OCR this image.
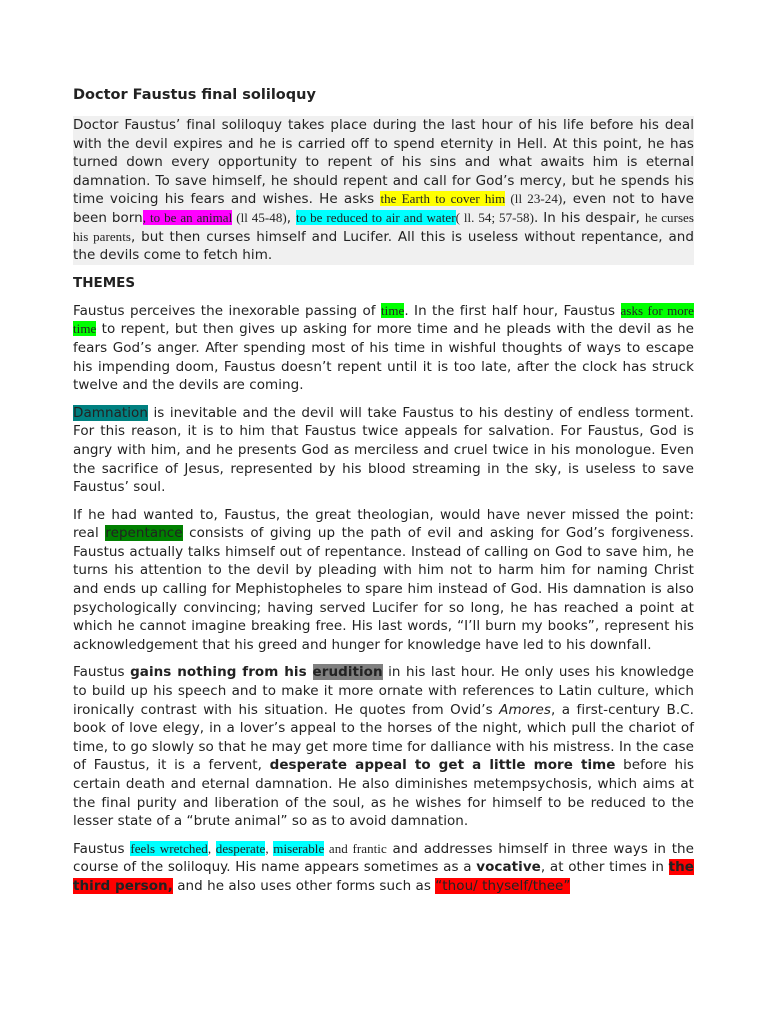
Doctor Faustus final soliloquy

Doctor Faustus’ final soliloquy takes place during the last hour of his life before his deal with the devil expires and he is carried off to spend eternity in Hell. At this point, he has turned down every opportunity to repent of his sins and what awaits him is eternal damnation. To save himself, he should repent and call for God’s mercy, but he spends his time voicing his fears and wishes. He asks the Earth to cover him (ll 23-24), even not to have been born, to be an animal (ll 45-48), to be reduced to air and water( ll. 54; 57-58). In his despair, he curses his parents, but then curses himself and Lucifer. All this is useless without repentance, and the devils come to fetch him.

THEMES

Faustus perceives the inexorable passing of time. In the first half hour, Faustus asks for more time to repent, but then gives up asking for more time and he pleads with the devil as he fears God’s anger. After spending most of his time in wishful thoughts of ways to escape his impending doom, Faustus doesn’t repent until it is too late, after the clock has struck twelve and the devils are coming.

Damnation is inevitable and the devil will take Faustus to his destiny of endless torment. For this reason, it is to him that Faustus twice appeals for salvation. For Faustus, God is angry with him, and he presents God as merciless and cruel twice in his monologue. Even the sacrifice of Jesus, represented by his blood streaming in the sky, is useless to save Faustus’ soul.

If he had wanted to, Faustus, the great theologian, would have never missed the point: real repentance consists of giving up the path of evil and asking for God’s forgiveness. Faustus actually talks himself out of repentance. Instead of calling on God to save him, he turns his attention to the devil by pleading with him not to harm him for naming Christ and ends up calling for Mephistopheles to spare him instead of God. His damnation is also psychologically convincing; having served Lucifer for so long, he has reached a point at which he cannot imagine breaking free. His last words, “I’ll burn my books”, represent his acknowledgement that his greed and hunger for knowledge have led to his downfall.

Faustus gains nothing from his erudition in his last hour. He only uses his knowledge to build up his speech and to make it more ornate with references to Latin culture, which ironically contrast with his situation. He quotes from Ovid’s Amores, a first-century B.C. book of love elegy, in a lover’s appeal to the horses of the night, which pull the chariot of time, to go slowly so that he may get more time for dalliance with his mistress. In the case of Faustus, it is a fervent, desperate appeal to get a little more time before his certain death and eternal damnation. He also diminishes metempsychosis, which aims at the final purity and liberation of the soul, as he wishes for himself to be reduced to the lesser state of a “brute animal” so as to avoid damnation.

Faustus feels wretched, desperate, miserable and frantic and addresses himself in three ways in the course of the soliloquy. His name appears sometimes as a vocative, at other times in the third person, and he also uses other forms such as “thou/ thyself/thee”
